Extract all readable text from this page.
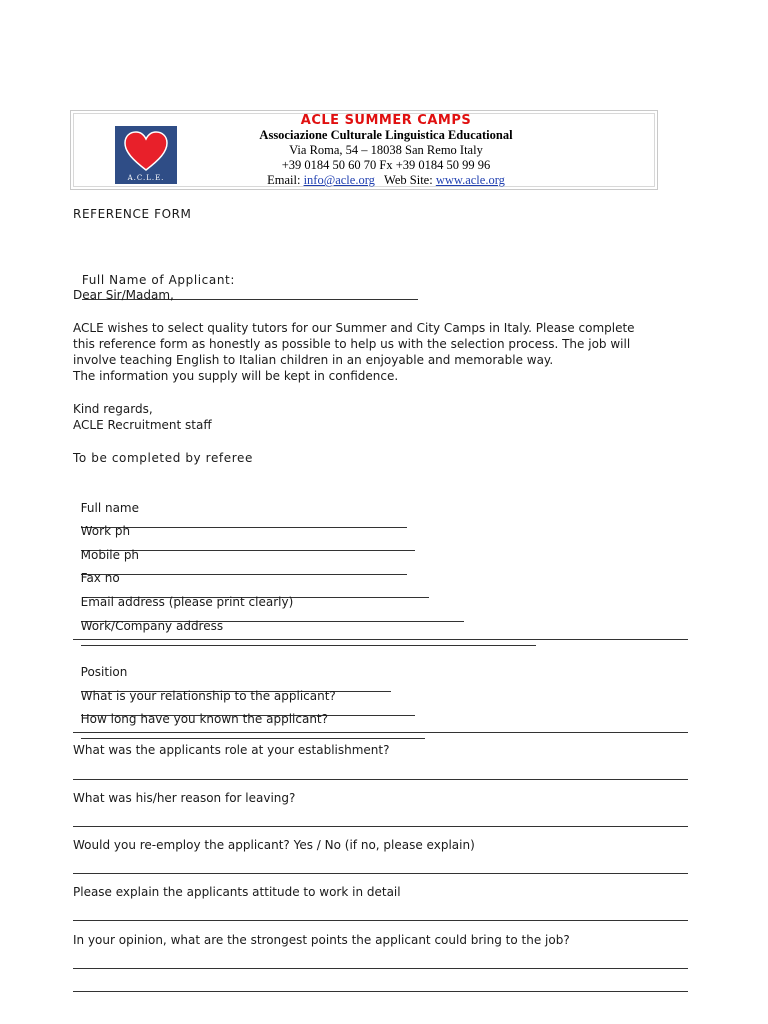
A.C.L.E.
ACLE SUMMER CAMPS
Associazione Culturale Linguistica Educational
Via Roma, 54 – 18038 San Remo Italy
+39 0184 50 60 70 Fx +39 0184 50 99 96
Email: info@acle.org Web Site: www.acle.org
REFERENCE FORM

Full Name of Applicant:

Dear Sir/Madam,
ACLE wishes to select quality tutors for our Summer and City Camps in Italy. Please complete
this reference form as honestly as possible to help us with the selection process. The job will
involve teaching English to Italian children in an enjoyable and memorable way.
The information you supply will be kept in confidence.
Kind regards,
ACLE Recruitment staff
To be completed by referee

Full name

Work ph

Mobile ph

Fax no

Email address (please print clearly)

Work/Company address

Position

What is your relationship to the applicant?

How long have you known the applicant?

What was the applicants role at your establishment?
What was his/her reason for leaving?
Would you re-employ the applicant? Yes / No (if no, please explain)
Please explain the applicants attitude to work in detail
In your opinion, what are the strongest points the applicant could bring to the job?
